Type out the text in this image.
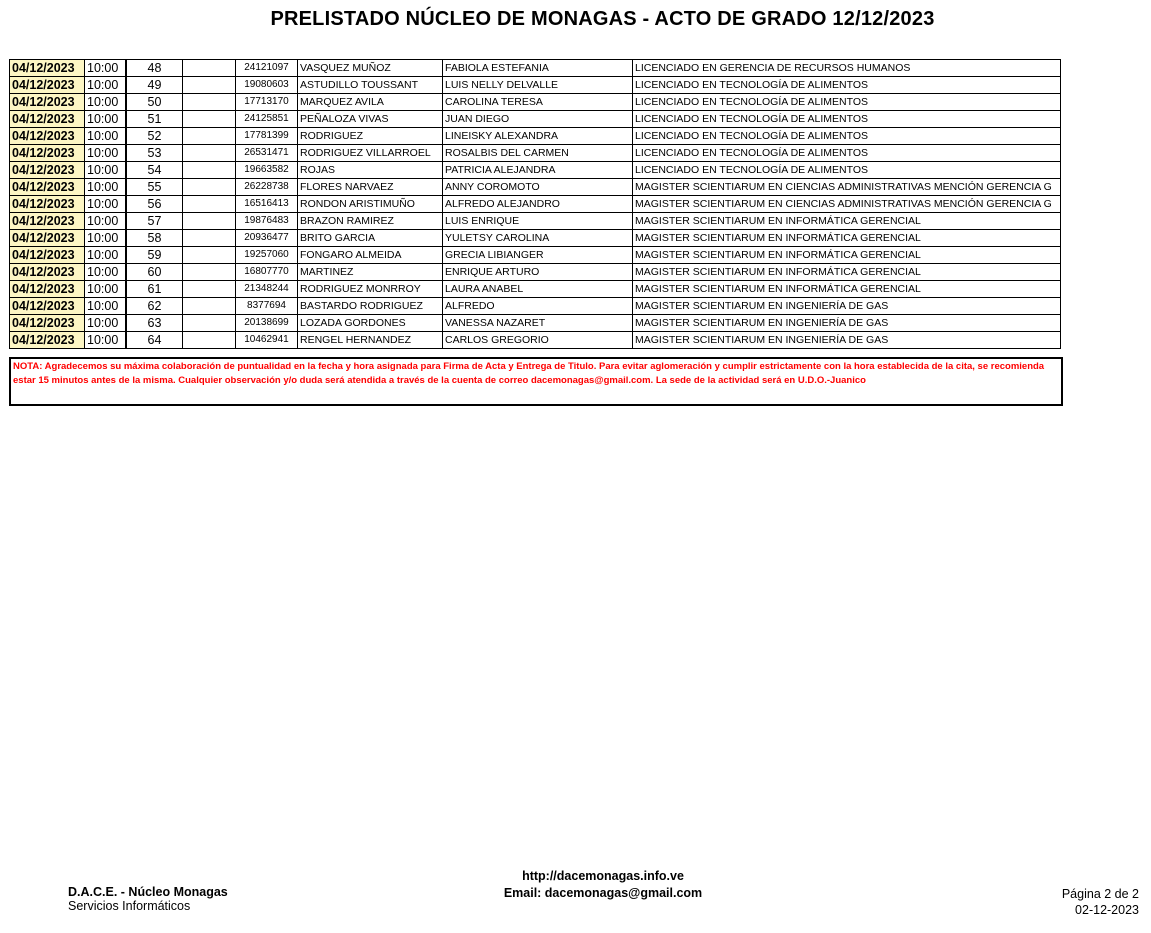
PRELISTADO NÚCLEO DE MONAGAS - ACTO DE GRADO 12/12/2023
04/12/2023	10:00	48	24121097	VASQUEZ MUÑOZ	FABIOLA ESTEFANIA	LICENCIADO EN GERENCIA DE RECURSOS HUMANOS
04/12/2023	10:00	49	19080603	ASTUDILLO TOUSSANT	LUIS NELLY DELVALLE	LICENCIADO EN TECNOLOGÍA DE ALIMENTOS
04/12/2023	10:00	50	17713170	MARQUEZ AVILA	CAROLINA TERESA	LICENCIADO EN TECNOLOGÍA DE ALIMENTOS
04/12/2023	10:00	51	24125851	PEÑALOZA VIVAS	JUAN DIEGO	LICENCIADO EN TECNOLOGÍA DE ALIMENTOS
04/12/2023	10:00	52	17781399	RODRIGUEZ	LINEISKY ALEXANDRA	LICENCIADO EN TECNOLOGÍA DE ALIMENTOS
04/12/2023	10:00	53	26531471	RODRIGUEZ VILLARROEL	ROSALBIS DEL CARMEN	LICENCIADO EN TECNOLOGÍA DE ALIMENTOS
04/12/2023	10:00	54	19663582	ROJAS	PATRICIA ALEJANDRA	LICENCIADO EN TECNOLOGÍA DE ALIMENTOS
04/12/2023	10:00	55	26228738	FLORES NARVAEZ	ANNY COROMOTO	MAGISTER SCIENTIARUM EN CIENCIAS ADMINISTRATIVAS MENCIÓN GERENCIA G
04/12/2023	10:00	56	16516413	RONDON ARISTIMUÑO	ALFREDO ALEJANDRO	MAGISTER SCIENTIARUM EN CIENCIAS ADMINISTRATIVAS MENCIÓN GERENCIA G
04/12/2023	10:00	57	19876483	BRAZON RAMIREZ	LUIS ENRIQUE	MAGISTER SCIENTIARUM EN INFORMÁTICA GERENCIAL
04/12/2023	10:00	58	20936477	BRITO GARCIA	YULETSY CAROLINA	MAGISTER SCIENTIARUM EN INFORMÁTICA GERENCIAL
04/12/2023	10:00	59	19257060	FONGARO ALMEIDA	GRECIA LIBIANGER	MAGISTER SCIENTIARUM EN INFORMÁTICA GERENCIAL
04/12/2023	10:00	60	16807770	MARTINEZ	ENRIQUE ARTURO	MAGISTER SCIENTIARUM EN INFORMÁTICA GERENCIAL
04/12/2023	10:00	61	21348244	RODRIGUEZ MONRROY	LAURA ANABEL	MAGISTER SCIENTIARUM EN INFORMÁTICA GERENCIAL
04/12/2023	10:00	62	8377694	BASTARDO RODRIGUEZ	ALFREDO	MAGISTER SCIENTIARUM EN INGENIERÍA DE GAS
04/12/2023	10:00	63	20138699	LOZADA GORDONES	VANESSA NAZARET	MAGISTER SCIENTIARUM EN INGENIERÍA DE GAS
04/12/2023	10:00	64	10462941	RENGEL HERNANDEZ	CARLOS GREGORIO	MAGISTER SCIENTIARUM EN INGENIERÍA DE GAS
NOTA: Agradecemos su máxima colaboración de puntualidad en la fecha y hora asignada para Firma de Acta y Entrega de Titulo. Para evitar aglomeración y cumplir estrictamente con la hora establecida de la cita, se recomienda estar 15 minutos antes de la misma. Cualquier observación y/o duda será atendida a través de la cuenta de correo dacemonagas@gmail.com. La sede de la actividad será en U.D.O.-Juanico
D.A.C.E. - Núcleo Monagas
Servicios Informáticos
http://dacemonagas.info.ve
Email: dacemonagas@gmail.com	Página 2 de 2
02-12-2023
